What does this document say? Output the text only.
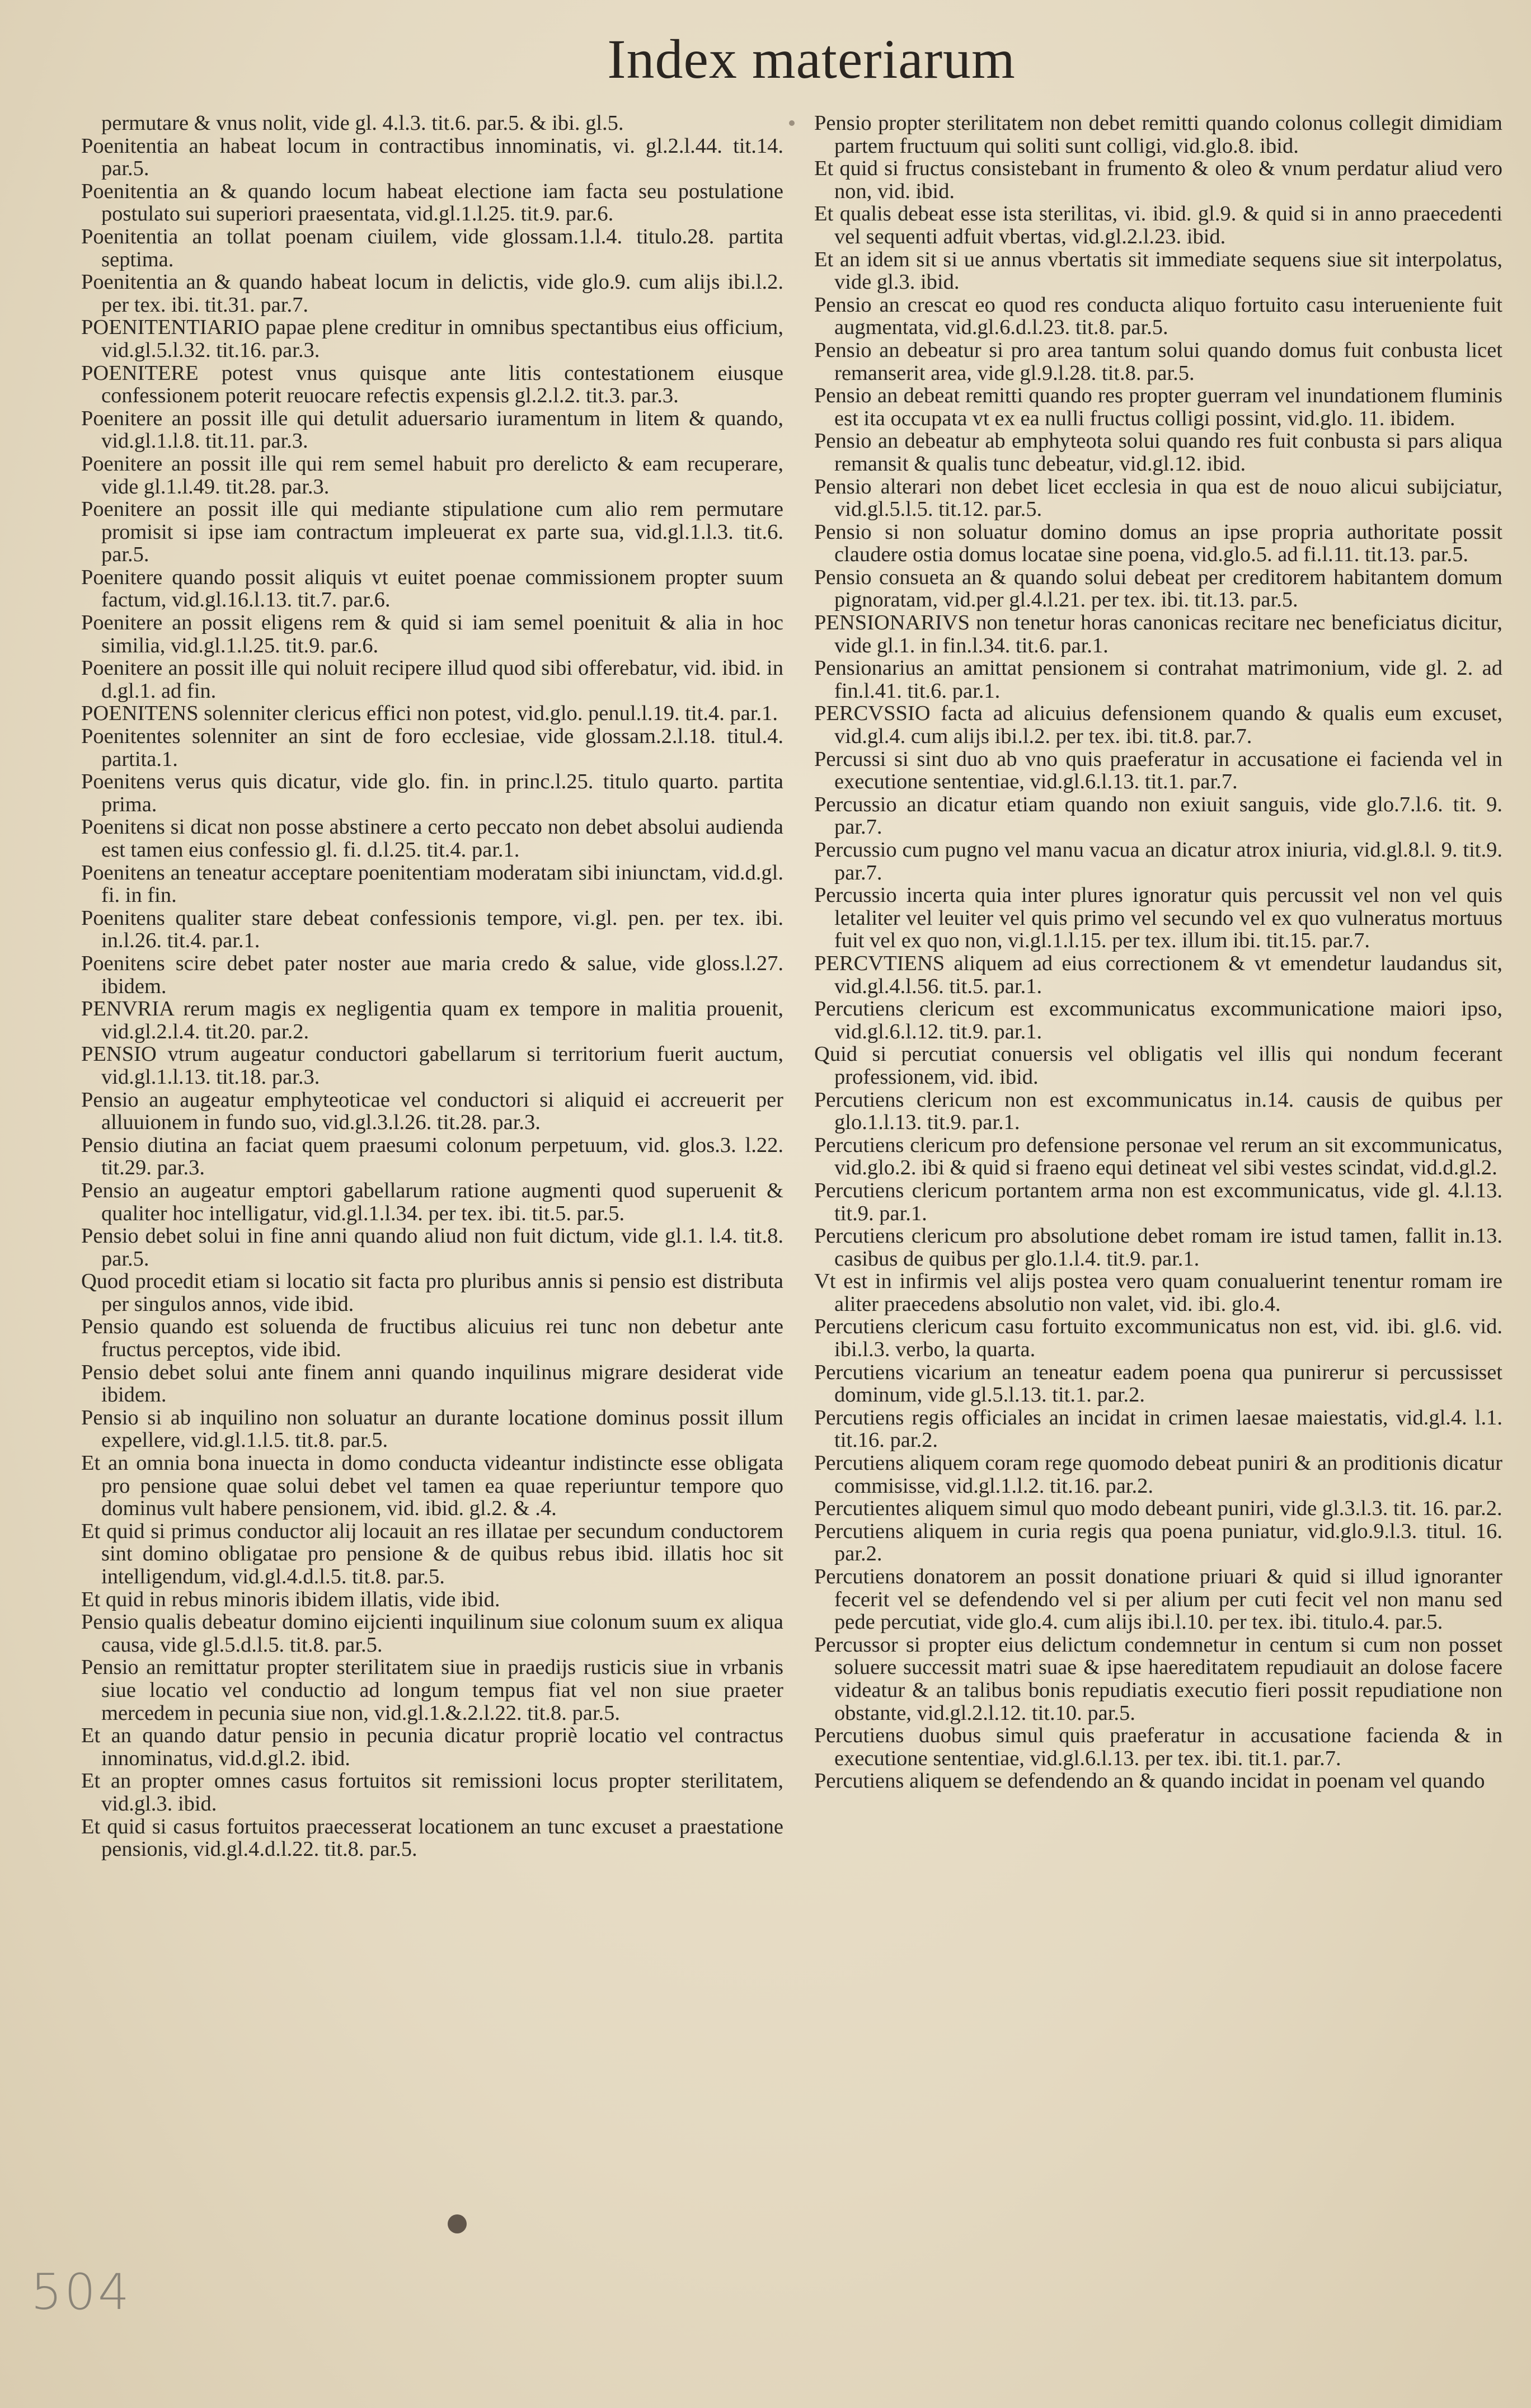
Index materiarum

permutare & vnus nolit, vide gl. 4.l.3. tit.6. par.5. & ibi. gl.5.

Poenitentia an habeat locum in contractibus innominatis, vi. gl.2.l.44. tit.14. par.5.

Poenitentia an & quando locum habeat electione iam facta seu postulatione postulato sui superiori praesentata, vid.gl.1.l.25. tit.9. par.6.

Poenitentia an tollat poenam ciuilem, vide glossam.1.l.4. titulo.28. partita septima.

Poenitentia an & quando habeat locum in delictis, vide glo.9. cum alijs ibi.l.2. per tex. ibi. tit.31. par.7.

POENITENTIARIO papae plene creditur in omnibus spectantibus eius officium, vid.gl.5.l.32. tit.16. par.3.

POENITERE potest vnus quisque ante litis contestationem eiusque confessionem poterit reuocare refectis expensis gl.2.l.2. tit.3. par.3.

Poenitere an possit ille qui detulit aduersario iuramentum in litem & quando, vid.gl.1.l.8. tit.11. par.3.

Poenitere an possit ille qui rem semel habuit pro derelicto & eam recuperare, vide gl.1.l.49. tit.28. par.3.

Poenitere an possit ille qui mediante stipulatione cum alio rem permutare promisit si ipse iam contractum impleuerat ex parte sua, vid.gl.1.l.3. tit.6. par.5.

Poenitere quando possit aliquis vt euitet poenae commissionem propter suum factum, vid.gl.16.l.13. tit.7. par.6.

Poenitere an possit eligens rem & quid si iam semel poenituit & alia in hoc similia, vid.gl.1.l.25. tit.9. par.6.

Poenitere an possit ille qui noluit recipere illud quod sibi offerebatur, vid. ibid. in d.gl.1. ad fin.

POENITENS solenniter clericus effici non potest, vid.glo. penul.l.19. tit.4. par.1.

Poenitentes solenniter an sint de foro ecclesiae, vide glossam.2.l.18. titul.4. partita.1.

Poenitens verus quis dicatur, vide glo. fin. in princ.l.25. titulo quarto. partita prima.

Poenitens si dicat non posse abstinere a certo peccato non debet absolui audienda est tamen eius confessio gl. fi. d.l.25. tit.4. par.1.

Poenitens an teneatur acceptare poenitentiam moderatam sibi iniunctam, vid.d.gl. fi. in fin.

Poenitens qualiter stare debeat confessionis tempore, vi.gl. pen. per tex. ibi. in.l.26. tit.4. par.1.

Poenitens scire debet pater noster aue maria credo & salue, vide gloss.l.27. ibidem.

PENVRIA rerum magis ex negligentia quam ex tempore in malitia prouenit, vid.gl.2.l.4. tit.20. par.2.

PENSIO vtrum augeatur conductori gabellarum si territorium fuerit auctum, vid.gl.1.l.13. tit.18. par.3.

Pensio an augeatur emphyteoticae vel conductori si aliquid ei accreuerit per alluuionem in fundo suo, vid.gl.3.l.26. tit.28. par.3.

Pensio diutina an faciat quem praesumi colonum perpetuum, vid. glos.3. l.22. tit.29. par.3.

Pensio an augeatur emptori gabellarum ratione augmenti quod superuenit & qualiter hoc intelligatur, vid.gl.1.l.34. per tex. ibi. tit.5. par.5.

Pensio debet solui in fine anni quando aliud non fuit dictum, vide gl.1. l.4. tit.8. par.5.

Quod procedit etiam si locatio sit facta pro pluribus annis si pensio est distributa per singulos annos, vide ibid.

Pensio quando est soluenda de fructibus alicuius rei tunc non debetur ante fructus perceptos, vide ibid.

Pensio debet solui ante finem anni quando inquilinus migrare desiderat vide ibidem.

Pensio si ab inquilino non soluatur an durante locatione dominus possit illum expellere, vid.gl.1.l.5. tit.8. par.5.

Et an omnia bona inuecta in domo conducta videantur indistincte esse obligata pro pensione quae solui debet vel tamen ea quae reperiuntur tempore quo dominus vult habere pensionem, vid. ibid. gl.2. & .4.

Et quid si primus conductor alij locauit an res illatae per secundum conductorem sint domino obligatae pro pensione & de quibus rebus ibid. illatis hoc sit intelligendum, vid.gl.4.d.l.5. tit.8. par.5.

Et quid in rebus minoris ibidem illatis, vide ibid.

Pensio qualis debeatur domino eijcienti inquilinum siue colonum suum ex aliqua causa, vide gl.5.d.l.5. tit.8. par.5.

Pensio an remittatur propter sterilitatem siue in praedijs rusticis siue in vrbanis siue locatio vel conductio ad longum tempus fiat vel non siue praeter mercedem in pecunia siue non, vid.gl.1.&.2.l.22. tit.8. par.5.

Et an quando datur pensio in pecunia dicatur propriè locatio vel contractus innominatus, vid.d.gl.2. ibid.

Et an propter omnes casus fortuitos sit remissioni locus propter sterilitatem, vid.gl.3. ibid.

Et quid si casus fortuitos praecesserat locationem an tunc excuset a praestatione pensionis, vid.gl.4.d.l.22. tit.8. par.5.

Pensio propter sterilitatem non debet remitti quando colonus collegit dimidiam partem fructuum qui soliti sunt colligi, vid.glo.8. ibid.

Et quid si fructus consistebant in frumento & oleo & vnum perdatur aliud vero non, vid. ibid.

Et qualis debeat esse ista sterilitas, vi. ibid. gl.9. & quid si in anno praecedenti vel sequenti adfuit vbertas, vid.gl.2.l.23. ibid.

Et an idem sit si ue annus vbertatis sit immediate sequens siue sit interpolatus, vide gl.3. ibid.

Pensio an crescat eo quod res conducta aliquo fortuito casu interueniente fuit augmentata, vid.gl.6.d.l.23. tit.8. par.5.

Pensio an debeatur si pro area tantum solui quando domus fuit conbusta licet remanserit area, vide gl.9.l.28. tit.8. par.5.

Pensio an debeat remitti quando res propter guerram vel inundationem fluminis est ita occupata vt ex ea nulli fructus colligi possint, vid.glo. 11. ibidem.

Pensio an debeatur ab emphyteota solui quando res fuit conbusta si pars aliqua remansit & qualis tunc debeatur, vid.gl.12. ibid.

Pensio alterari non debet licet ecclesia in qua est de nouo alicui subijciatur, vid.gl.5.l.5. tit.12. par.5.

Pensio si non soluatur domino domus an ipse propria authoritate possit claudere ostia domus locatae sine poena, vid.glo.5. ad fi.l.11. tit.13. par.5.

Pensio consueta an & quando solui debeat per creditorem habitantem domum pignoratam, vid.per gl.4.l.21. per tex. ibi. tit.13. par.5.

PENSIONARIVS non tenetur horas canonicas recitare nec beneficiatus dicitur, vide gl.1. in fin.l.34. tit.6. par.1.

Pensionarius an amittat pensionem si contrahat matrimonium, vide gl. 2. ad fin.l.41. tit.6. par.1.

PERCVSSIO facta ad alicuius defensionem quando & qualis eum excuset, vid.gl.4. cum alijs ibi.l.2. per tex. ibi. tit.8. par.7.

Percussi si sint duo ab vno quis praeferatur in accusatione ei facienda vel in executione sententiae, vid.gl.6.l.13. tit.1. par.7.

Percussio an dicatur etiam quando non exiuit sanguis, vide glo.7.l.6. tit. 9. par.7.

Percussio cum pugno vel manu vacua an dicatur atrox iniuria, vid.gl.8.l. 9. tit.9. par.7.

Percussio incerta quia inter plures ignoratur quis percussit vel non vel quis letaliter vel leuiter vel quis primo vel secundo vel ex quo vulneratus mortuus fuit vel ex quo non, vi.gl.1.l.15. per tex. illum ibi. tit.15. par.7.

PERCVTIENS aliquem ad eius correctionem & vt emendetur laudandus sit, vid.gl.4.l.56. tit.5. par.1.

Percutiens clericum est excommunicatus excommunicatione maiori ipso, vid.gl.6.l.12. tit.9. par.1.

Quid si percutiat conuersis vel obligatis vel illis qui nondum fecerant professionem, vid. ibid.

Percutiens clericum non est excommunicatus in.14. causis de quibus per glo.1.l.13. tit.9. par.1.

Percutiens clericum pro defensione personae vel rerum an sit excommunicatus, vid.glo.2. ibi & quid si fraeno equi detineat vel sibi vestes scindat, vid.d.gl.2.

Percutiens clericum portantem arma non est excommunicatus, vide gl. 4.l.13. tit.9. par.1.

Percutiens clericum pro absolutione debet romam ire istud tamen, fallit in.13. casibus de quibus per glo.1.l.4. tit.9. par.1.

Vt est in infirmis vel alijs postea vero quam conualuerint tenentur romam ire aliter praecedens absolutio non valet, vid. ibi. glo.4.

Percutiens clericum casu fortuito excommunicatus non est, vid. ibi. gl.6. vid. ibi.l.3. verbo, la quarta.

Percutiens vicarium an teneatur eadem poena qua punirerur si percussisset dominum, vide gl.5.l.13. tit.1. par.2.

Percutiens regis officiales an incidat in crimen laesae maiestatis, vid.gl.4. l.1. tit.16. par.2.

Percutiens aliquem coram rege quomodo debeat puniri & an proditionis dicatur commisisse, vid.gl.1.l.2. tit.16. par.2.

Percutientes aliquem simul quo modo debeant puniri, vide gl.3.l.3. tit. 16. par.2.

Percutiens aliquem in curia regis qua poena puniatur, vid.glo.9.l.3. titul. 16. par.2.

Percutiens donatorem an possit donatione priuari & quid si illud ignoranter fecerit vel se defendendo vel si per alium per cuti fecit vel non manu sed pede percutiat, vide glo.4. cum alijs ibi.l.10. per tex. ibi. titulo.4. par.5.

Percussor si propter eius delictum condemnetur in centum si cum non posset soluere successit matri suae & ipse haereditatem repudiauit an dolose facere videatur & an talibus bonis repudiatis executio fieri possit repudiatione non obstante, vid.gl.2.l.12. tit.10. par.5.

Percutiens duobus simul quis praeferatur in accusatione facienda & in executione sententiae, vid.gl.6.l.13. per tex. ibi. tit.1. par.7.

Percutiens aliquem se defendendo an & quando incidat in poenam vel quando

504
